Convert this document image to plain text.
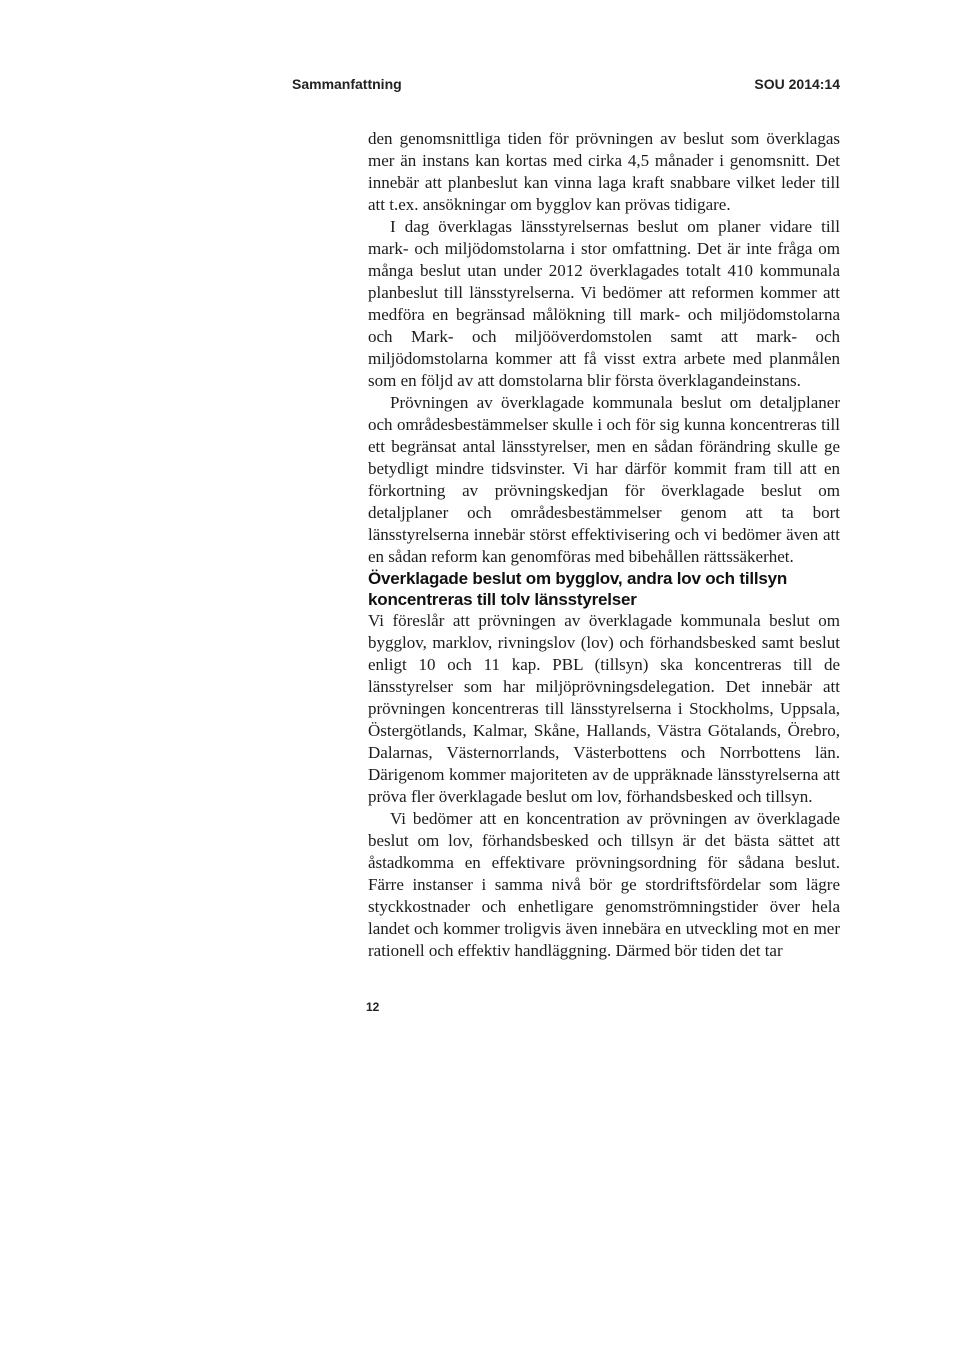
Sammanfattning	SOU 2014:14

den genomsnittliga tiden för prövningen av beslut som överklagas mer än instans kan kortas med cirka 4,5 månader i genomsnitt. Det innebär att planbeslut kan vinna laga kraft snabbare vilket leder till att t.ex. ansökningar om bygglov kan prövas tidigare.

I dag överklagas länsstyrelsernas beslut om planer vidare till mark- och miljödomstolarna i stor omfattning. Det är inte fråga om många beslut utan under 2012 överklagades totalt 410 kommunala planbeslut till länsstyrelserna. Vi bedömer att reformen kommer att medföra en begränsad målökning till mark- och miljödomstolarna och Mark- och miljööverdomstolen samt att mark- och miljödomstolarna kommer att få visst extra arbete med planmålen som en följd av att domstolarna blir första överklagandeinstans.

Prövningen av överklagade kommunala beslut om detaljplaner och områdesbestämmelser skulle i och för sig kunna koncentreras till ett begränsat antal länsstyrelser, men en sådan förändring skulle ge betydligt mindre tidsvinster. Vi har därför kommit fram till att en förkortning av prövningskedjan för överklagade beslut om detaljplaner och områdesbestämmelser genom att ta bort länsstyrelserna innebär störst effektivisering och vi bedömer även att en sådan reform kan genomföras med bibehållen rättssäkerhet.

Överklagade beslut om bygglov, andra lov och tillsyn koncentreras till tolv länsstyrelser

Vi föreslår att prövningen av överklagade kommunala beslut om bygglov, marklov, rivningslov (lov) och förhandsbesked samt beslut enligt 10 och 11 kap. PBL (tillsyn) ska koncentreras till de länsstyrelser som har miljöprövningsdelegation. Det innebär att prövningen koncentreras till länsstyrelserna i Stockholms, Uppsala, Östergötlands, Kalmar, Skåne, Hallands, Västra Götalands, Örebro, Dalarnas, Västernorrlands, Västerbottens och Norrbottens län. Därigenom kommer majoriteten av de uppräknade länsstyrelserna att pröva fler överklagade beslut om lov, förhandsbesked och tillsyn.

Vi bedömer att en koncentration av prövningen av överklagade beslut om lov, förhandsbesked och tillsyn är det bästa sättet att åstadkomma en effektivare prövningsordning för sådana beslut. Färre instanser i samma nivå bör ge stordriftsfördelar som lägre styckkostnader och enhetligare genomströmningstider över hela landet och kommer troligvis även innebära en utveckling mot en mer rationell och effektiv handläggning. Därmed bör tiden det tar

12
